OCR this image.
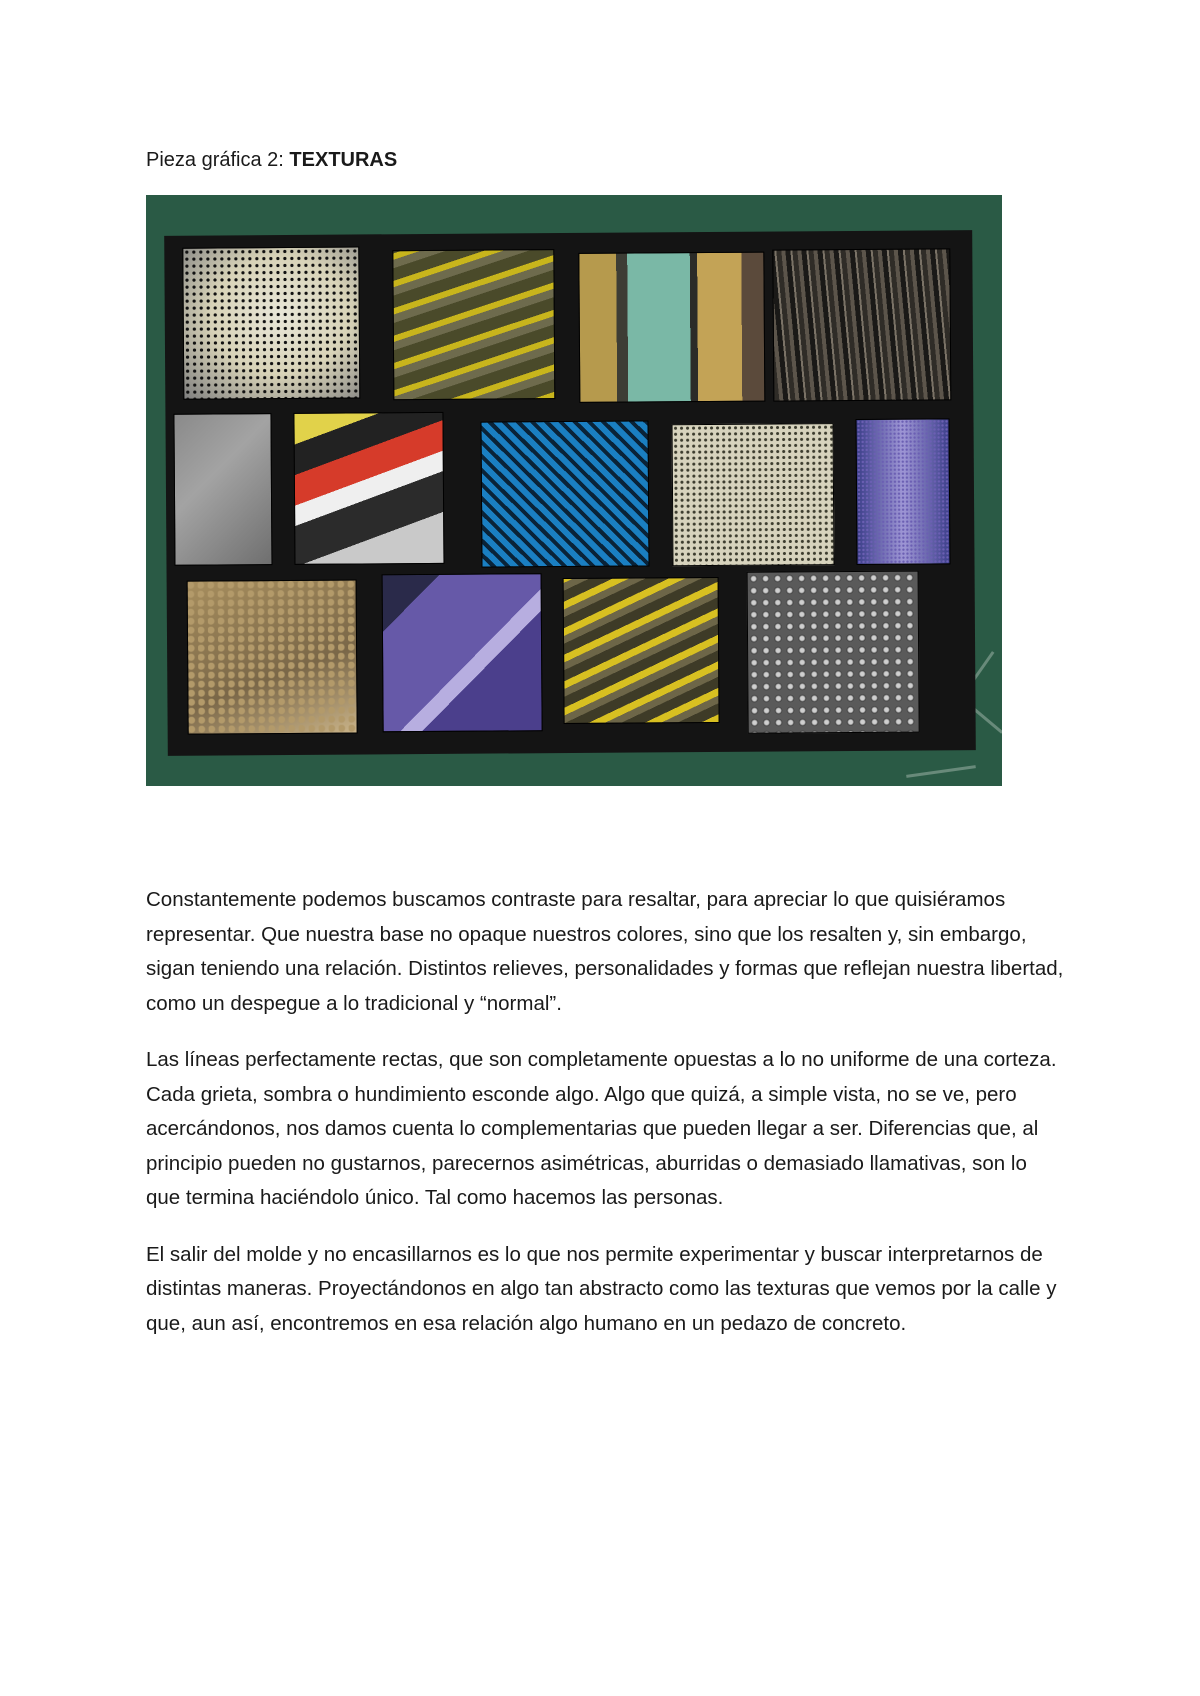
Pieza gráfica 2: TEXTURAS

Constantemente podemos buscamos contraste para resaltar, para apreciar lo que quisiéramos representar. Que nuestra base no opaque nuestros colores, sino que los resalten y, sin embargo, sigan teniendo una relación. Distintos relieves, personalidades y formas que reflejan nuestra libertad, como un despegue a lo tradicional y “normal”.

Las líneas perfectamente rectas, que son completamente opuestas a lo no uniforme de una corteza. Cada grieta, sombra o hundimiento esconde algo. Algo que quizá, a simple vista, no se ve, pero acercándonos, nos damos cuenta lo complementarias que pueden llegar a ser. Diferencias que, al principio pueden no gustarnos, parecernos asimétricas, aburridas o demasiado llamativas, son lo que termina haciéndolo único. Tal como hacemos las personas.

El salir del molde y no encasillarnos es lo que nos permite experimentar y buscar interpretarnos de distintas maneras. Proyectándonos en algo tan abstracto como las texturas que vemos por la calle y que, aun así, encontremos en esa relación algo humano en un pedazo de concreto.
